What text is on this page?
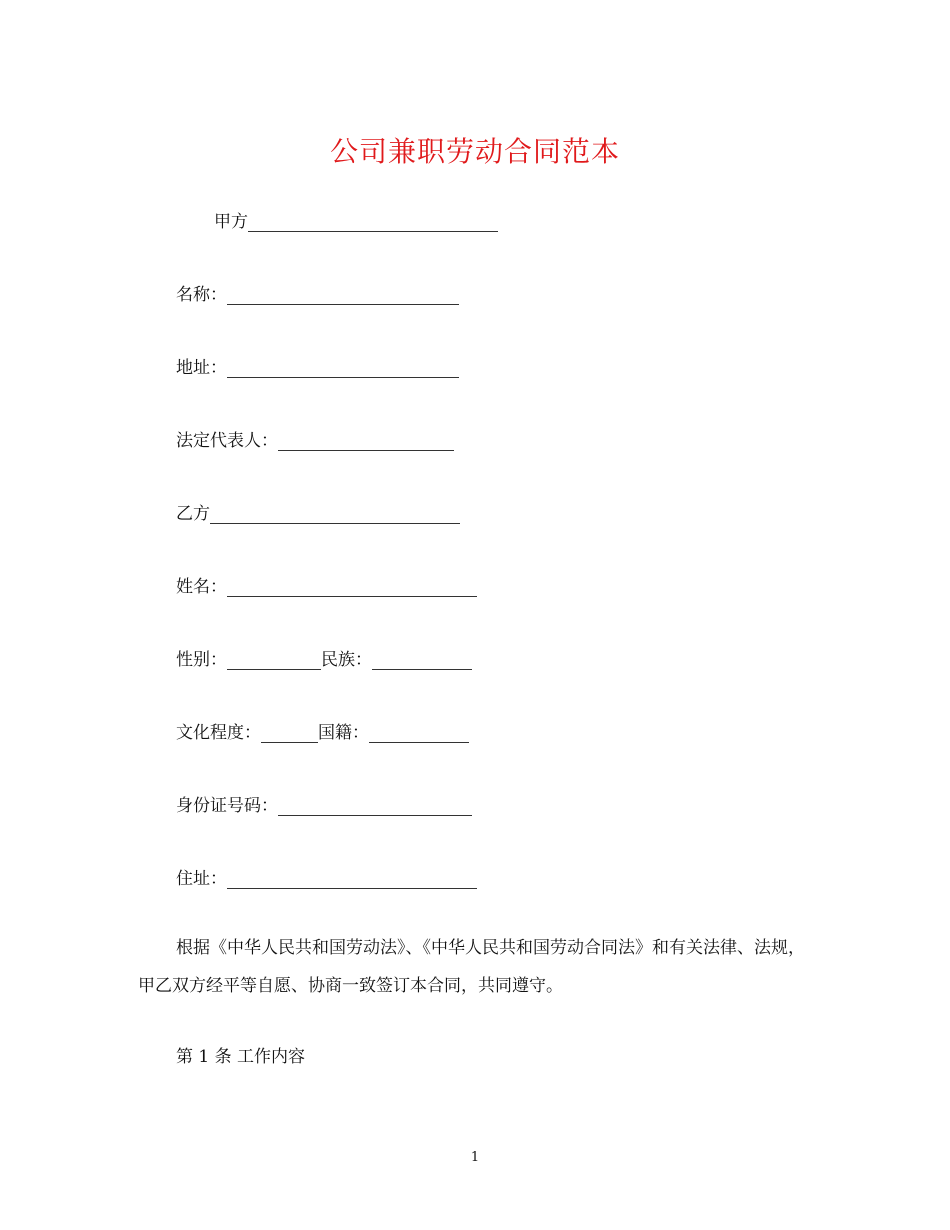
公司兼职劳动合同范本
甲方
名称：
地址：
法定代表人：
乙方
姓名：
性别：	民族：
文化程度：	国籍：
身份证号码：
住址：
根据《中华人民共和国劳动法》、《中华人民共和国劳动合同法》和有关法律、法规，甲乙双方经平等自愿、协商一致签订本合同，共同遵守。
第 1 条 工作内容
1
